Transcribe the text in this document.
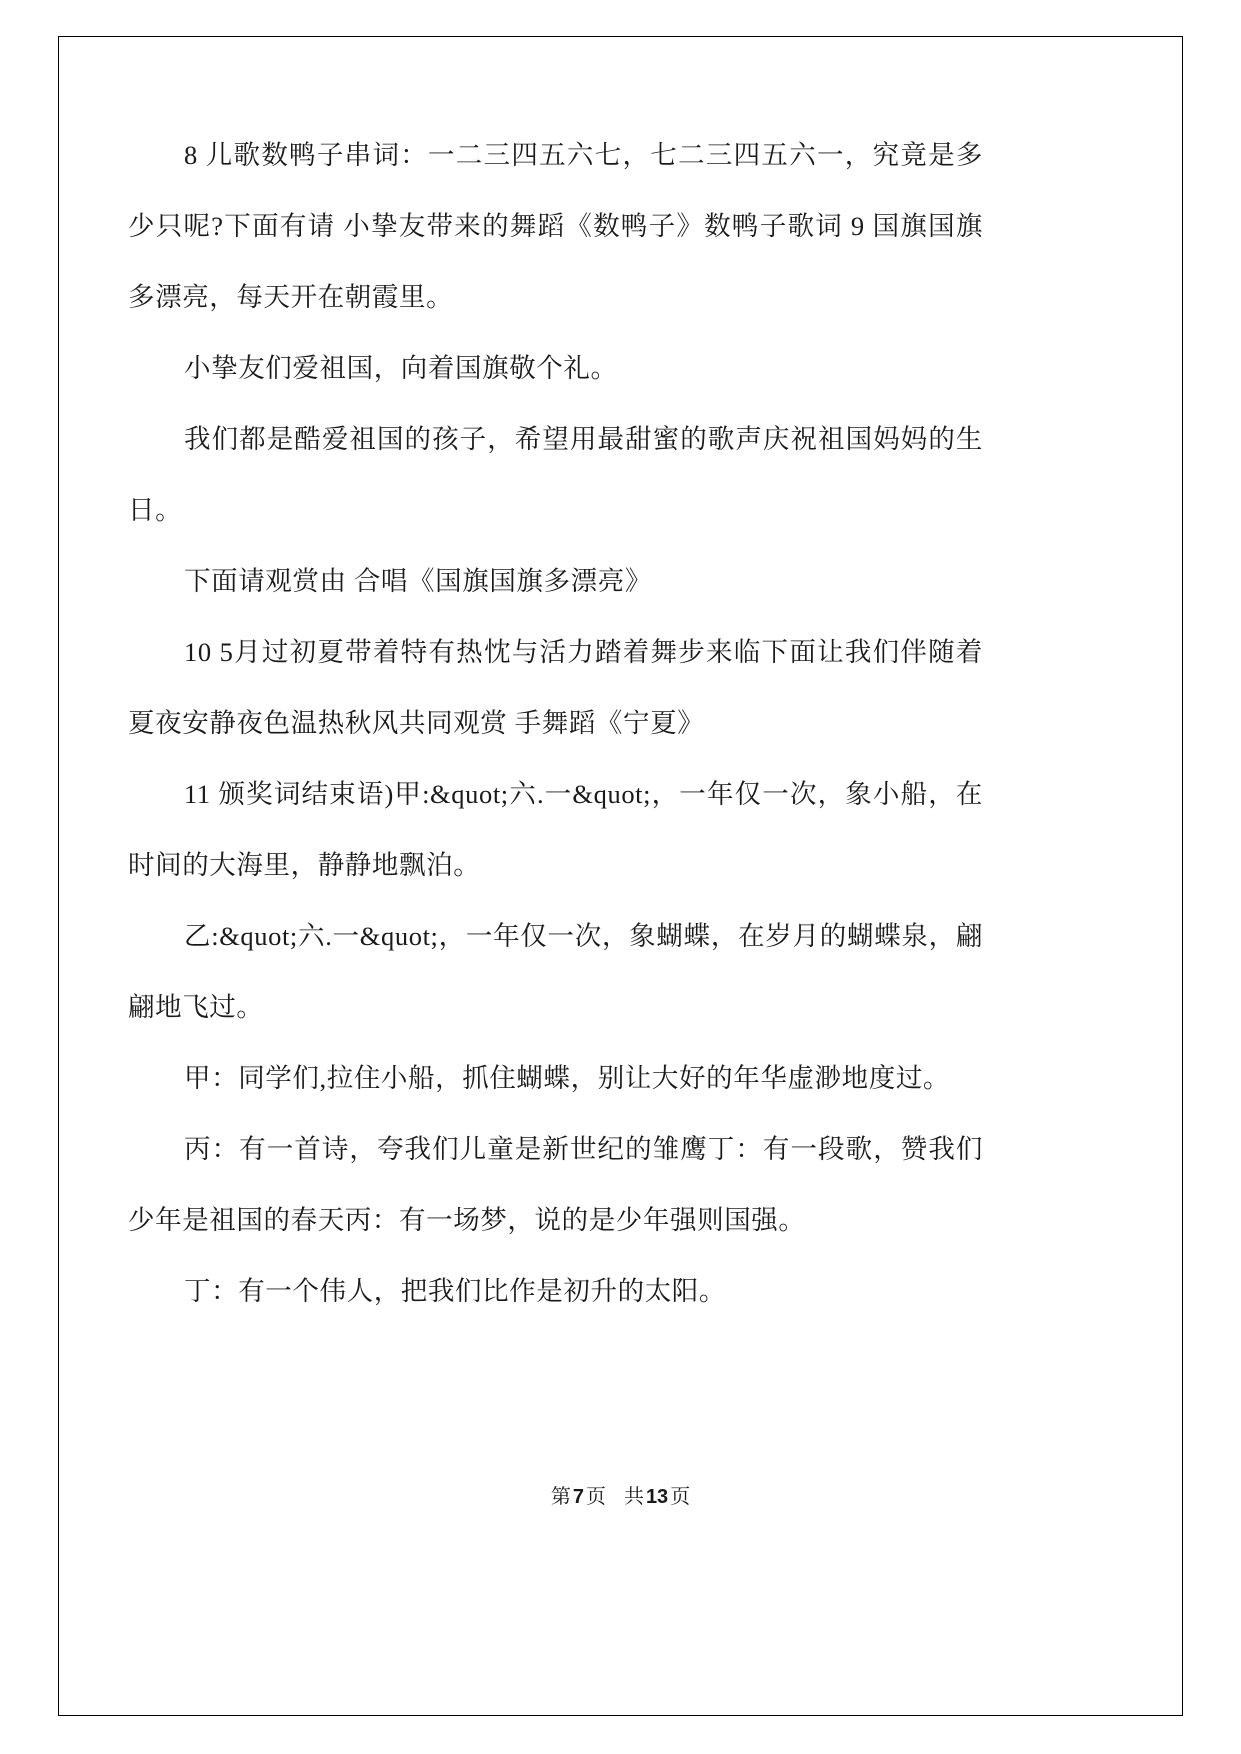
8 儿歌数鸭子串词：一二三四五六七，七二三四五六一，究竟是多少只呢?下面有请 小挚友带来的舞蹈《数鸭子》数鸭子歌词 9 国旗国旗多漂亮，每天开在朝霞里。

小挚友们爱祖国，向着国旗敬个礼。

我们都是酷爱祖国的孩子，希望用最甜蜜的歌声庆祝祖国妈妈的生日。

下面请观赏由 合唱《国旗国旗多漂亮》

10 5月过初夏带着特有热忱与活力踏着舞步来临下面让我们伴随着夏夜安静夜色温热秋风共同观赏 手舞蹈《宁夏》

11 颁奖词结束语)甲:&quot;六.一&quot;，一年仅一次，象小船，在时间的大海里，静静地飘泊。

乙:&quot;六.一&quot;，一年仅一次，象蝴蝶，在岁月的蝴蝶泉，翩翩地飞过。

甲：同学们,拉住小船，抓住蝴蝶，别让大好的年华虚渺地度过。

丙：有一首诗，夸我们儿童是新世纪的雏鹰丁：有一段歌，赞我们少年是祖国的春天丙：有一场梦，说的是少年强则国强。

丁：有一个伟人，把我们比作是初升的太阳。

第 7 页 共 13 页
